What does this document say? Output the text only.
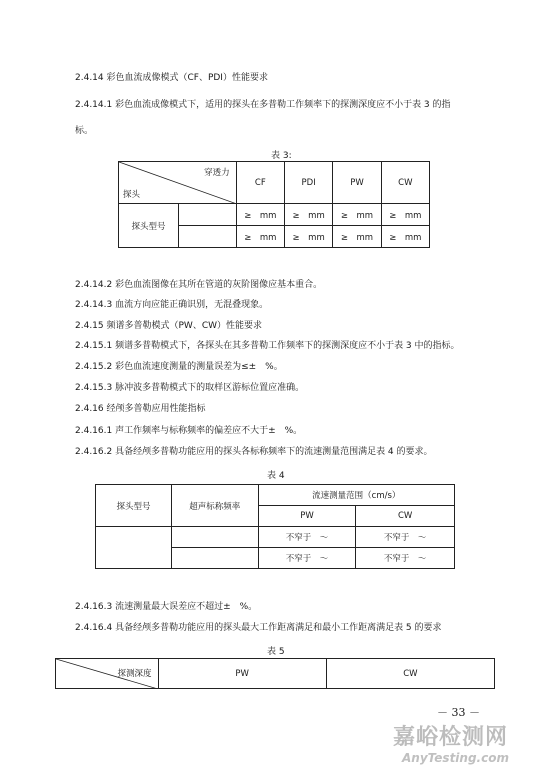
2.4.14 彩色血流成像模式（CF、PDI）性能要求
2.4.14.1 彩色血流成像模式下，适用的探头在多普勒工作频率下的探测深度应不小于表 3 的指
标。
表 3:
穿透力
探头		CF	PDI	PW	CW
探头型号		≥　mm	≥　mm	≥　mm	≥　mm
		≥　mm	≥　mm	≥　mm	≥　mm
2.4.14.2 彩色血流图像在其所在管道的灰阶图像应基本重合。
2.4.14.3 血流方向应能正确识别，无混叠现象。
2.4.15 频谱多普勒模式（PW、CW）性能要求
2.4.15.1 频谱多普勒模式下，各探头在其多普勒工作频率下的探测深度应不小于表 3 中的指标。
2.4.15.2 彩色血流速度测量的测量误差为≤±　%。
2.4.15.3 脉冲波多普勒模式下的取样区游标位置应准确。
2.4.16 经颅多普勒应用性能指标
2.4.16.1 声工作频率与标称频率的偏差应不大于±　%。
2.4.16.2 具备经颅多普勒功能应用的探头各标称频率下的流速测量范围满足表 4 的要求。
表 4
探头型号	超声标称频率	流速测量范围（cm/s）	
		PW	CW
		不窄于　～	不窄于　～
		不窄于　～	不窄于　～
2.4.16.3 流速测量最大误差应不超过±　%。
2.4.16.4 具备经颅多普勒功能应用的探头最大工作距离满足和最小工作距离满足表 5 的要求
表 5
探测深度	PW	CW
－ 33 －
嘉峪检测网
AnyTesting.com
